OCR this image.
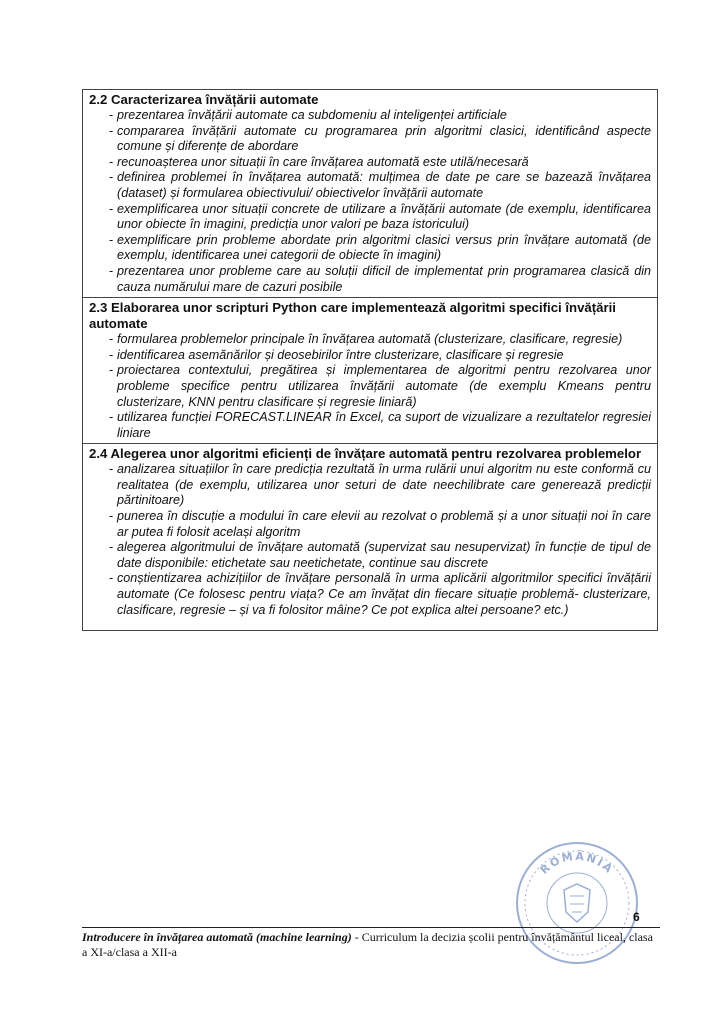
2.2 Caracterizarea învățării automate

- prezentarea învățării automate ca subdomeniu al inteligenței artificiale
- compararea învățării automate cu programarea prin algoritmi clasici, identificând aspecte comune și diferențe de abordare
- recunoașterea unor situații în care învățarea automată este utilă/necesară
- definirea problemei în învățarea automată: mulțimea de date pe care se bazează învățarea (dataset) și formularea obiectivului/ obiectivelor învățării automate
- exemplificarea unor situații concrete de utilizare a învățării automate (de exemplu, identificarea unor obiecte în imagini, predicția unor valori pe baza istoricului)
- exemplificare prin probleme abordate prin algoritmi clasici versus prin învățare automată (de exemplu, identificarea unei categorii de obiecte în imagini)
- prezentarea unor probleme care au soluții dificil de implementat prin programarea clasică din cauza numărului mare de cazuri posibile

2.3 Elaborarea unor scripturi Python care implementează algoritmi specifici învățării automate

- formularea problemelor principale în învățarea automată (clusterizare, clasificare, regresie)
- identificarea asemănărilor și deosebirilor între clusterizare, clasificare și regresie
- proiectarea contextului, pregătirea și implementarea de algoritmi pentru rezolvarea unor probleme specifice pentru utilizarea învățării automate (de exemplu Kmeans pentru clusterizare, KNN pentru clasificare și regresie liniară)
- utilizarea funcției FORECAST.LINEAR în Excel, ca suport de vizualizare a rezultatelor regresiei liniare

2.4 Alegerea unor algoritmi eficienți de învățare automată pentru rezolvarea problemelor

- analizarea situațiilor în care predicția rezultată în urma rulării unui algoritm nu este conformă cu realitatea (de exemplu, utilizarea unor seturi de date neechilibrate care generează predicții părtinitoare)
- punerea în discuție a modului în care elevii au rezolvat o problemă și a unor situații noi în care ar putea fi folosit același algoritm
- alegerea algoritmului de învățare automată (supervizat sau nesupervizat) în funcție de tipul de date disponibile: etichetate sau neetichetate, continue sau discrete
- conștientizarea achizițiilor de învățare personală în urma aplicării algoritmilor specifici învățării automate (Ce folosesc pentru viața? Ce am învățat din fiecare situație problemă- clusterizare, clasificare, regresie – și va fi folositor mâine? Ce pot explica altei persoane? etc.)
ROMÂNIA
6
Introducere în învățarea automată (machine learning) - Curriculum la decizia școlii pentru învățământul liceal, clasa a XI-a/clasa a XII-a
